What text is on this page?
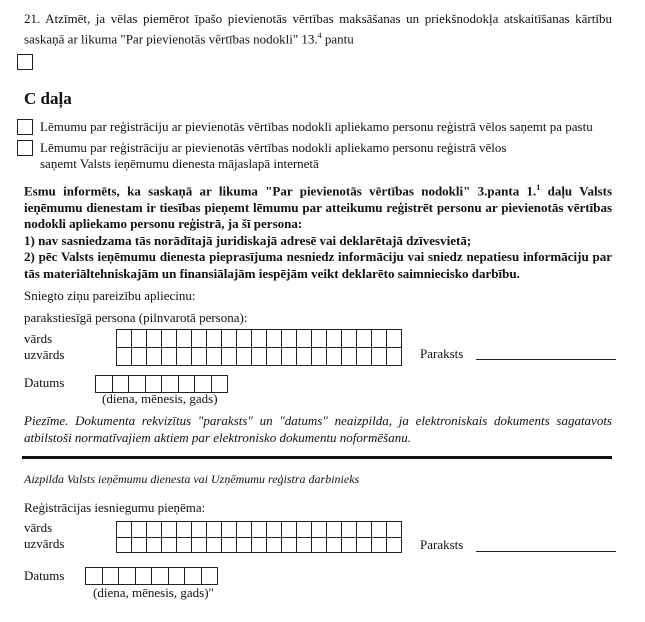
21. Atzīmēt, ja vēlas piemērot īpašo pievienotās vērtības maksāšanas un priekšnodokļa atskaitīšanas kārtību saskaņā ar likuma "Par pievienotās vērtības nodokli" 13.$^4$ pantu
C daļa
Lēmumu par reģistrāciju ar pievienotās vērtības nodokli apliekamo personu reģistrā vēlos saņemt pa pastu
Lēmumu par reģistrāciju ar pievienotās vērtības nodokli apliekamo personu reģistrā vēlos saņemt Valsts ieņēmumu dienesta mājaslapā internetā
Esmu informēts, ka saskaņā ar likuma "Par pievienotās vērtības nodokli" 3.panta 1.$^1$ daļu Valsts ieņēmumu dienestam ir tiesības pieņemt lēmumu par atteikumu reģistrēt personu ar pievienotās vērtības nodokli apliekamo personu reģistrā, ja šī persona:
1) nav sasniedzama tās norādītajā juridiskajā adresē vai deklarētajā dzīvesvietā;
2) pēc Valsts ieņēmumu dienesta pieprasījuma nesniedz informāciju vai sniedz nepatiesu informāciju par tās materiāltehniskajām un finansiālajām iespējām veikt deklarēto saimniecisko darbību.
Sniegto ziņu pareizību apliecinu:
parakstiesīgā persona (pilnvarotā persona):
vārds
uzvārds

																			Paraksts
Datums

(diena, mēnesis, gads)
Piezīme. Dokumenta rekvizītus "paraksts" un "datums" neaizpilda, ja elektroniskais dokuments sagatavots atbilstoši normatīvajiem aktiem par elektronisko dokumentu noformēšanu.
Aizpilda Valsts ieņēmumu dienesta vai Uzņēmumu reģistra darbinieks
Reģistrācijas iesniegumu pieņēma:
vārds
uzvārds

																			Paraksts
Datums

(diena, mēnesis, gads)"
